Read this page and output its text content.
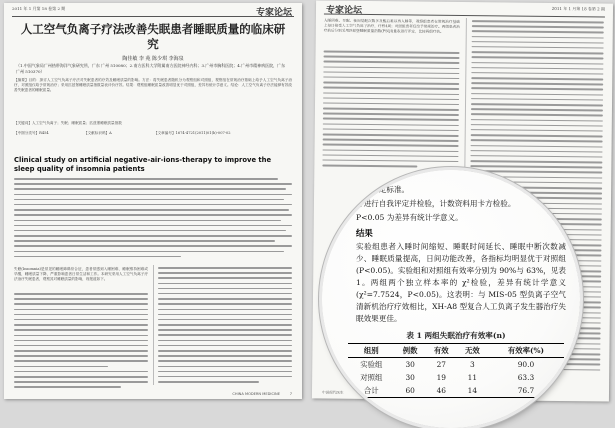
2011 年 1 月第 18 卷第 2 期	专家论坛
人工空气负离子疗法改善失眠患者睡眠质量的临床研究
陶佳敏 李 苑 陈少琪 李海泉
（1.中国气象局广州热带海洋气象研究所，广东 广州 510080；2.南方医科大学附属南方医院神经内科；3.广州市胸科医院；4.广州市精神病医院，广东 广州 510370）
【摘要】目的：探讨人工空气负离子疗法对失眠患者的疗效及睡眠质量的影响。方法：将失眠患者随机分为观察组和对照组，观察组在常规治疗基础上给予人工空气负离子治疗，对照组仅给予常规治疗；采用匹兹堡睡眠质量指数量表评价疗效。结果：观察组睡眠质量改善明显优于对照组，差异有统计学意义。结论：人工空气负离子疗法能够有效改善失眠患者的睡眠质量。
【关键词】人工空气负离子；失眠；睡眠质量；匹兹堡睡眠质量指数
【中图分类号】R454	【文献标识码】A	【文章编号】1674-4721(2011)01(b)-007-02
Clinical study on artificial negative-air-ions-therapy to improve the sleep quality of insomnia patients
失眠(Insomnia)是常见的睡眠障碍综合征，患者常感到入睡困难、睡眠维持困难或早醒，睡眠质量下降，严重影响患者日常生活和工作。本研究采用人工空气负离子疗法治疗失眠患者，观察其对睡眠质量的影响，现报道如下。
CHINA MODERN MEDICINE	7
专家论坛	2011 年 1 月第 18 卷第 2 期
入睡困难、早醒、夜间觉醒次数多及醒后难以再入睡等，观察组患者在常规治疗基础上每日接受人工空气负离子治疗，疗程4周；对照组患者仅给予常规治疗。两组患者治疗前后分别采用匹兹堡睡眠质量指数(PSQI)量表进行评定，比较两组疗效。
中国现代医生
疗效评定标准。
分进行自我评定并检验，计数资料用卡方检验。
P<0.05 为差异有统计学意义。
结果
实验组患者入睡时间缩短、睡眠时间延长、睡眠中断次数减少、睡眠质量提高，日间功能改善，各指标均明显优于对照组(P<0.05)。实验组和对照组有效率分别为 90%与 63%，见表 1。两组两个独立样本率的 χ²检验，差异有统计学意义(χ²=7.7524，P<0.05)。这表明：与 MIS-05 型负离子空气清新机治疗疗效相比，XH-A8 型复合人工负离子发生器治疗失眠效果更佳。
表 1 两组失眠治疗有效率(n)
组别	例数	有效	无效	有效率(%)
实验组	30	27	3	90.0
对照组	30	19	11	63.3
合计	60	46	14	76.7
